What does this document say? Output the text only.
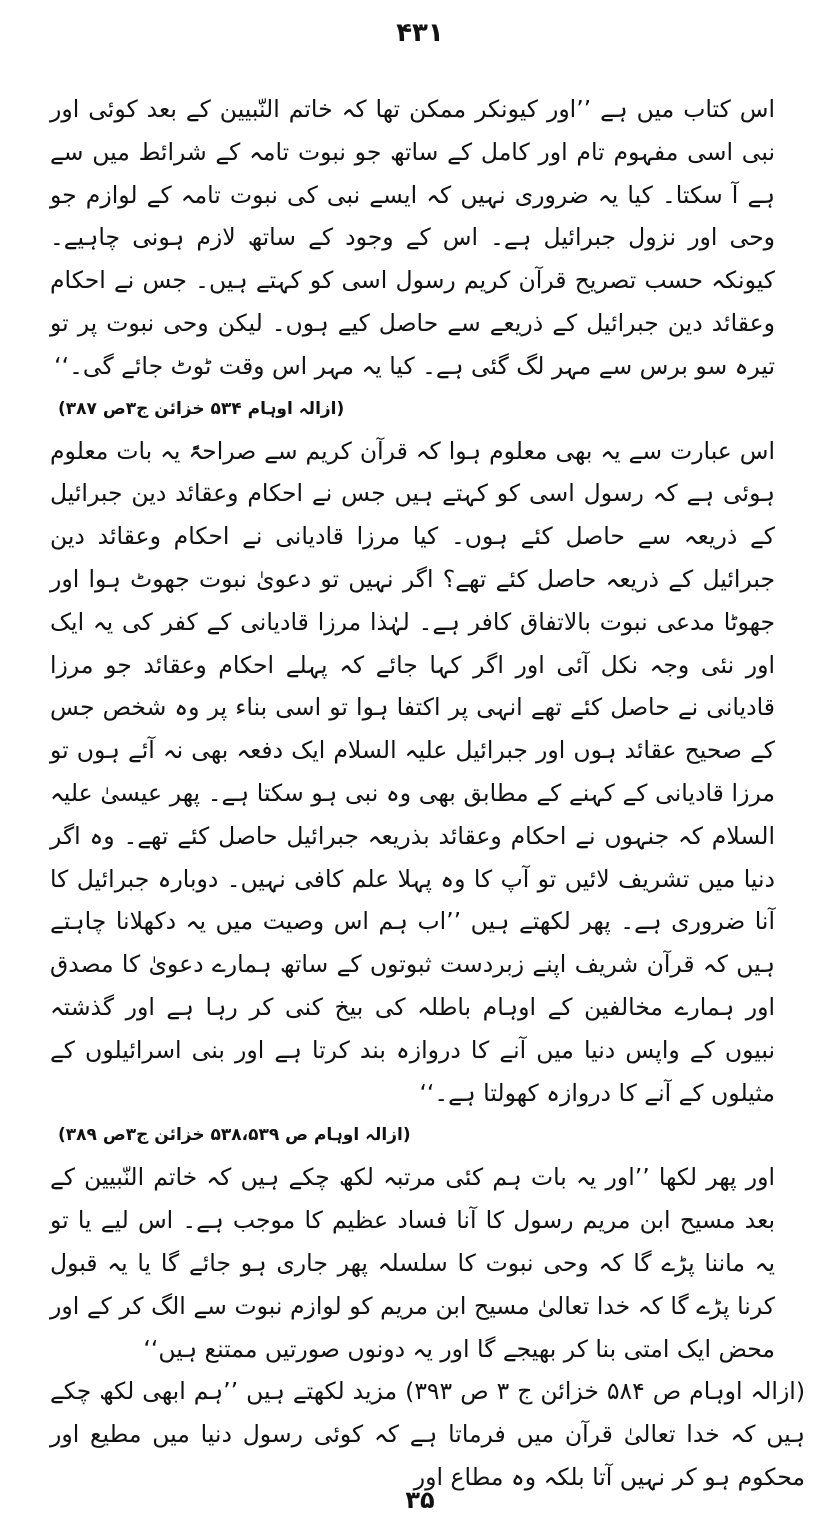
۴۳۱

اس کتاب میں ہے ’’اور کیونکر ممکن تھا کہ خاتم النّبیین کے بعد کوئی اور نبی اسی مفہوم تام اور کامل کے ساتھ جو نبوت تامہ کے شرائط میں سے ہے آ سکتا۔ کیا یہ ضروری نہیں کہ ایسے نبی کی نبوت تامہ کے لوازم جو وحی اور نزول جبرائیل ہے۔ اس کے وجود کے ساتھ لازم ہونی چاہیے۔ کیونکہ حسب تصریح قرآن کریم رسول اسی کو کہتے ہیں۔ جس نے احکام وعقائد دین جبرائیل کے ذریعے سے حاصل کیے ہوں۔ لیکن وحی نبوت پر تو تیرہ سو برس سے مہر لگ گئی ہے۔ کیا یہ مہر اس وقت ٹوٹ جائے گی۔‘‘

(ازالہ اوہام ۵۳۴ خزائن ج۳ص ۳۸۷)

اس عبارت سے یہ بھی معلوم ہوا کہ قرآن کریم سے صراحۃً یہ بات معلوم ہوئی ہے کہ رسول اسی کو کہتے ہیں جس نے احکام وعقائد دین جبرائیل کے ذریعہ سے حاصل کئے ہوں۔ کیا مرزا قادیانی نے احکام وعقائد دین جبرائیل کے ذریعہ حاصل کئے تھے؟ اگر نہیں تو دعویٰ نبوت جھوٹ ہوا اور جھوٹا مدعی نبوت بالاتفاق کافر ہے۔ لہٰذا مرزا قادیانی کے کفر کی یہ ایک اور نئی وجہ نکل آئی اور اگر کہا جائے کہ پہلے احکام وعقائد جو مرزا قادیانی نے حاصل کئے تھے انہی پر اکتفا ہوا تو اسی بناء پر وہ شخص جس کے صحیح عقائد ہوں اور جبرائیل علیہ السلام ایک دفعہ بھی نہ آئے ہوں تو مرزا قادیانی کے کہنے کے مطابق بھی وہ نبی ہو سکتا ہے۔ پھر عیسیٰ علیہ السلام کہ جنہوں نے احکام وعقائد بذریعہ جبرائیل حاصل کئے تھے۔ وہ اگر دنیا میں تشریف لائیں تو آپ کا وہ پہلا علم کافی نہیں۔ دوبارہ جبرائیل کا آنا ضروری ہے۔ پھر لکھتے ہیں ’’اب ہم اس وصیت میں یہ دکھلانا چاہتے ہیں کہ قرآن شریف اپنے زبردست ثبوتوں کے ساتھ ہمارے دعویٰ کا مصدق اور ہمارے مخالفین کے اوہام باطلہ کی بیخ کنی کر رہا ہے اور گذشتہ نبیوں کے واپس دنیا میں آنے کا دروازہ بند کرتا ہے اور بنی اسرائیلوں کے مثیلوں کے آنے کا دروازہ کھولتا ہے۔‘‘

(ازالہ اوہام ص ۵۳۸،۵۳۹ خزائن ج۳ص ۳۸۹)

اور پھر لکھا ’’اور یہ بات ہم کئی مرتبہ لکھ چکے ہیں کہ خاتم النّبیین کے بعد مسیح ابن مریم رسول کا آنا فساد عظیم کا موجب ہے۔ اس لیے یا تو یہ ماننا پڑے گا کہ وحی نبوت کا سلسلہ پھر جاری ہو جائے گا یا یہ قبول کرنا پڑے گا کہ خدا تعالیٰ مسیح ابن مریم کو لوازم نبوت سے الگ کر کے اور محض ایک امتی بنا کر بھیجے گا اور یہ دونوں صورتیں ممتنع ہیں‘‘

(ازالہ اوہام ص ۵۸۴ خزائن ج ۳ ص ۳۹۳) مزید لکھتے ہیں ’’ہم ابھی لکھ چکے ہیں کہ خدا تعالیٰ قرآن میں فرماتا ہے کہ کوئی رسول دنیا میں مطیع اور محکوم ہو کر نہیں آتا بلکہ وہ مطاع اور

۳۵
